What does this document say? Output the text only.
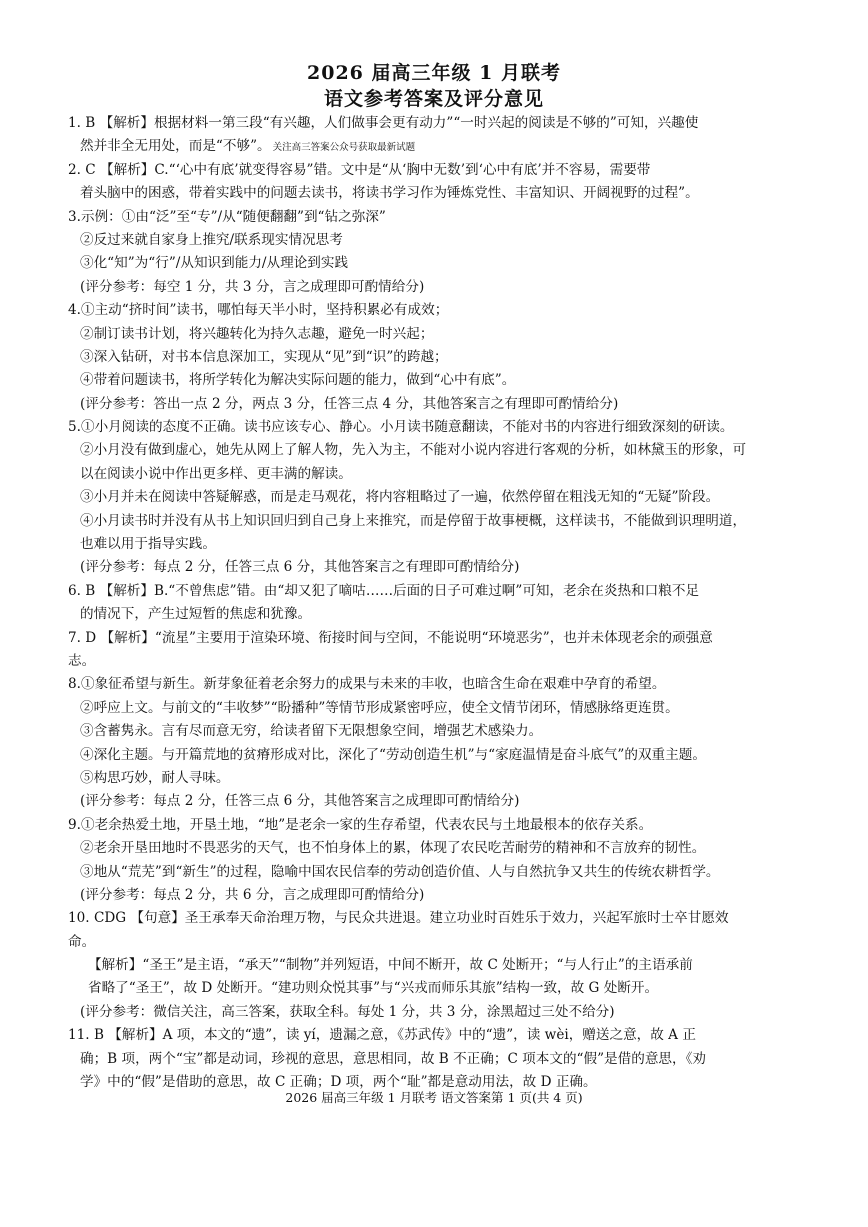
2026 届高三年级 1 月联考
语文参考答案及评分意见
1. B 【解析】根据材料一第三段“有兴趣，人们做事会更有动力”“一时兴起的阅读是不够的”可知，兴趣使
然并非全无用处，而是“不够”。 关注高三答案公众号获取最新试题
2. C 【解析】C.“‘心中有底’就变得容易”错。文中是“从‘胸中无数’到‘心中有底’并不容易，需要带
着头脑中的困惑，带着实践中的问题去读书，将读书学习作为锤炼党性、丰富知识、开阔视野的过程”。
3.示例：①由“泛”至“专”/从“随便翻翻”到“钻之弥深”
②反过来就自家身上推究/联系现实情况思考
③化“知”为“行”/从知识到能力/从理论到实践
(评分参考：每空 1 分，共 3 分，言之成理即可酌情给分)
4.①主动“挤时间”读书，哪怕每天半小时，坚持积累必有成效；
②制订读书计划，将兴趣转化为持久志趣，避免一时兴起；
③深入钻研，对书本信息深加工，实现从“见”到“识”的跨越；
④带着问题读书，将所学转化为解决实际问题的能力，做到“心中有底”。
(评分参考：答出一点 2 分，两点 3 分，任答三点 4 分，其他答案言之有理即可酌情给分)
5.①小月阅读的态度不正确。读书应该专心、静心。小月读书随意翻读，不能对书的内容进行细致深刻的研读。
②小月没有做到虚心，她先从网上了解人物，先入为主，不能对小说内容进行客观的分析，如林黛玉的形象，可
以在阅读小说中作出更多样、更丰满的解读。
③小月并未在阅读中答疑解惑，而是走马观花，将内容粗略过了一遍，依然停留在粗浅无知的“无疑”阶段。
④小月读书时并没有从书上知识回归到自己身上来推究，而是停留于故事梗概，这样读书，不能做到识理明道，
也难以用于指导实践。
(评分参考：每点 2 分，任答三点 6 分，其他答案言之有理即可酌情给分)
6. B 【解析】B.“不曾焦虑”错。由“却又犯了嘀咕……后面的日子可难过啊”可知，老余在炎热和口粮不足
的情况下，产生过短暂的焦虑和犹豫。
7. D 【解析】“流星”主要用于渲染环境、衔接时间与空间，不能说明“环境恶劣”，也并未体现老余的顽强意
志。
8.①象征希望与新生。新芽象征着老余努力的成果与未来的丰收，也暗含生命在艰难中孕育的希望。
②呼应上文。与前文的“丰收梦”“盼播种”等情节形成紧密呼应，使全文情节闭环，情感脉络更连贯。
③含蓄隽永。言有尽而意无穷，给读者留下无限想象空间，增强艺术感染力。
④深化主题。与开篇荒地的贫瘠形成对比，深化了“劳动创造生机”与“家庭温情是奋斗底气”的双重主题。
⑤构思巧妙，耐人寻味。
(评分参考：每点 2 分，任答三点 6 分，其他答案言之成理即可酌情给分)
9.①老余热爱土地，开垦土地，“地”是老余一家的生存希望，代表农民与土地最根本的依存关系。
②老余开垦田地时不畏恶劣的天气，也不怕身体上的累，体现了农民吃苦耐劳的精神和不言放弃的韧性。
③地从“荒芜”到“新生”的过程，隐喻中国农民信奉的劳动创造价值、人与自然抗争又共生的传统农耕哲学。
(评分参考：每点 2 分，共 6 分，言之成理即可酌情给分)
10. CDG 【句意】圣王承奉天命治理万物，与民众共进退。建立功业时百姓乐于效力，兴起军旅时士卒甘愿效
命。
【解析】“圣王”是主语，“承天”“制物”并列短语，中间不断开，故 C 处断开；“与人行止”的主语承前
省略了“圣王”，故 D 处断开。“建功则众悦其事”与“兴戎而师乐其旅”结构一致，故 G 处断开。
(评分参考：微信关注，高三答案，获取全科。每处 1 分，共 3 分，涂黑超过三处不给分)
11. B 【解析】A 项，本文的“遗”，读 yí，遗漏之意，《苏武传》中的“遗”，读 wèi，赠送之意，故 A 正
确；B 项，两个“宝”都是动词，珍视的意思，意思相同，故 B 不正确；C 项本文的“假”是借的意思，《劝
学》中的“假”是借助的意思，故 C 正确；D 项，两个“耻”都是意动用法，故 D 正确。
2026 届高三年级 1 月联考 语文答案第 1 页(共 4 页)
